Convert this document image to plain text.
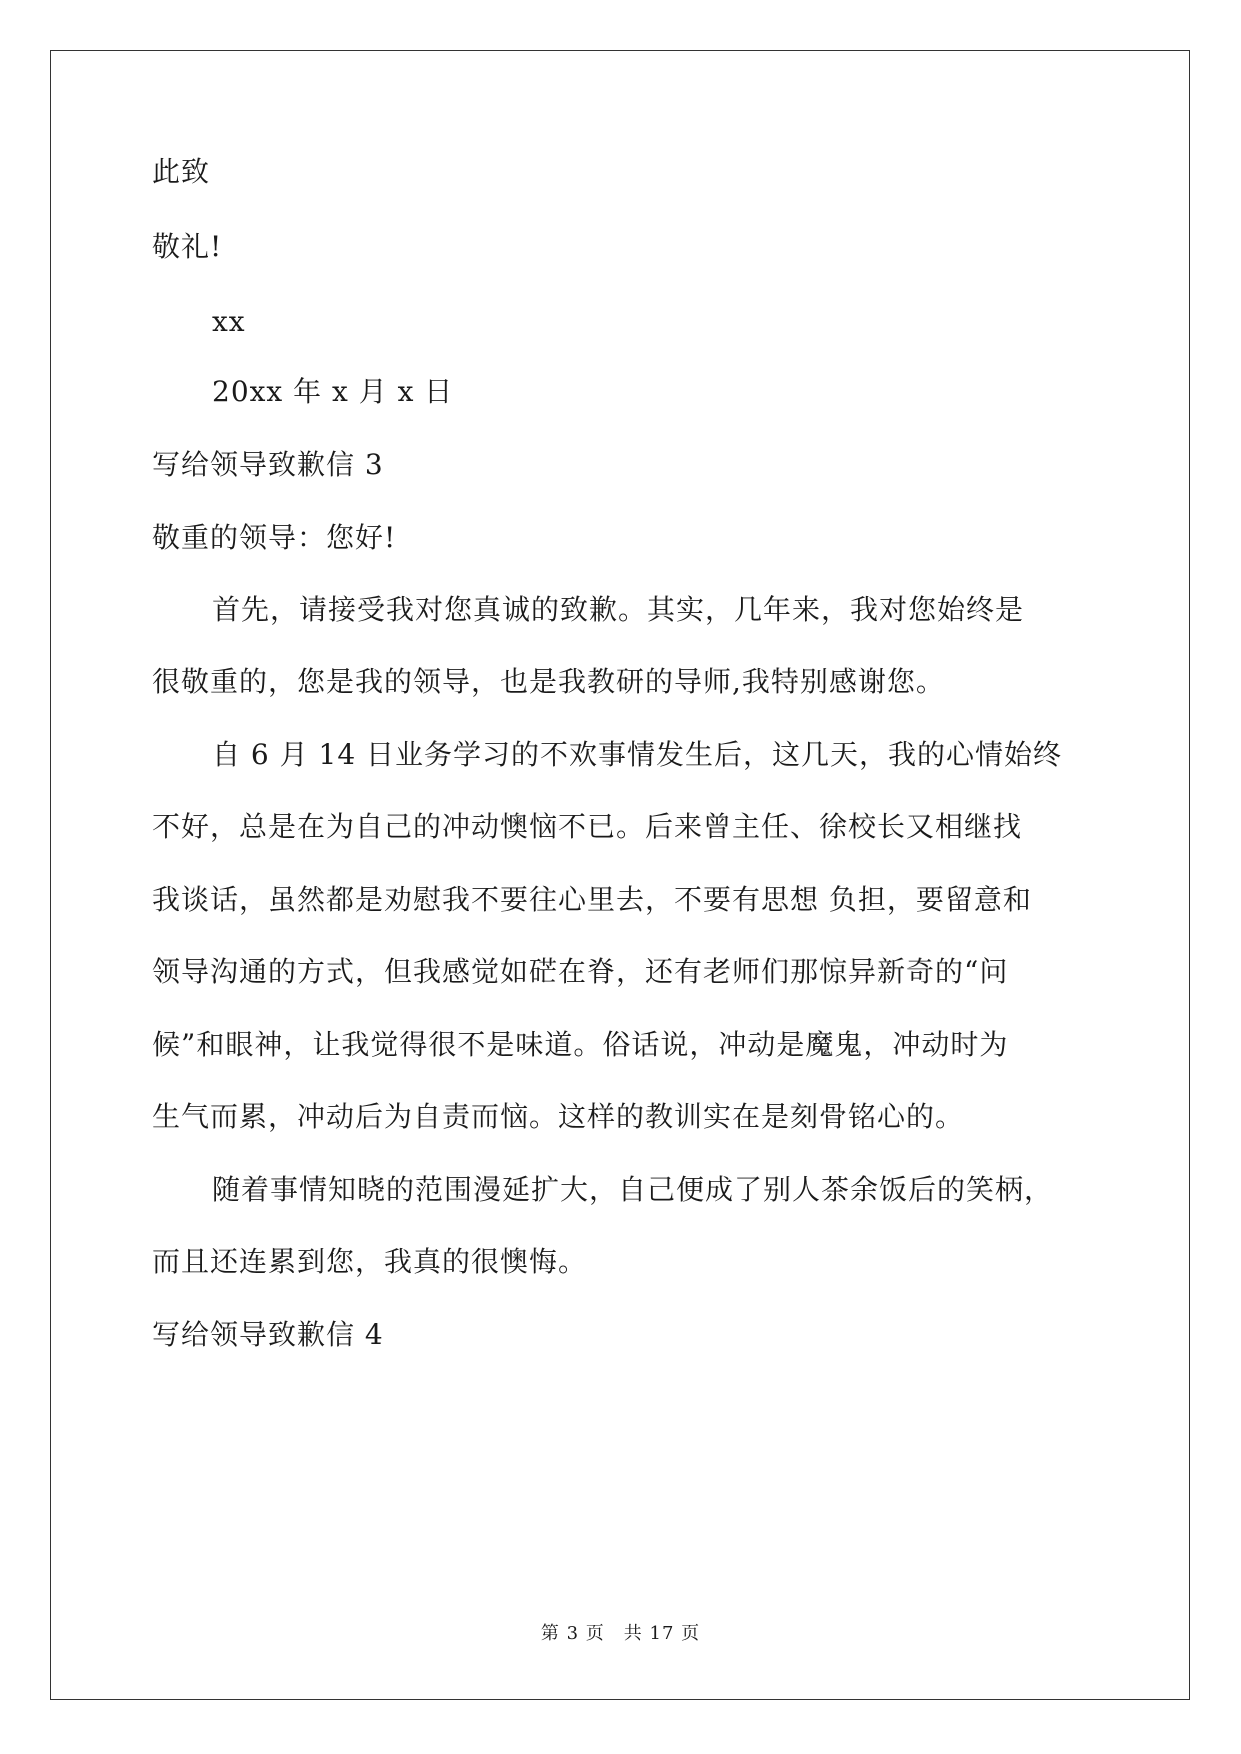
此致
敬礼!
xx
20xx 年 x 月 x 日
写给领导致歉信 3
敬重的领导：您好!
首先，请接受我对您真诚的致歉。其实，几年来，我对您始终是
很敬重的，您是我的领导，也是我教研的导师,我特别感谢您。
自 6 月 14 日业务学习的不欢事情发生后，这几天，我的心情始终
不好，总是在为自己的冲动懊恼不已。后来曾主任、徐校长又相继找
我谈话，虽然都是劝慰我不要往心里去，不要有思想 负担，要留意和
领导沟通的方式，但我感觉如硭在脊，还有老师们那惊异新奇的“问
候”和眼神，让我觉得很不是味道。俗话说，冲动是魔鬼，冲动时为
生气而累，冲动后为自责而恼。这样的教训实在是刻骨铭心的。
随着事情知晓的范围漫延扩大，自己便成了别人茶余饭后的笑柄，
而且还连累到您，我真的很懊悔。
写给领导致歉信 4
第 3 页　共 17 页
